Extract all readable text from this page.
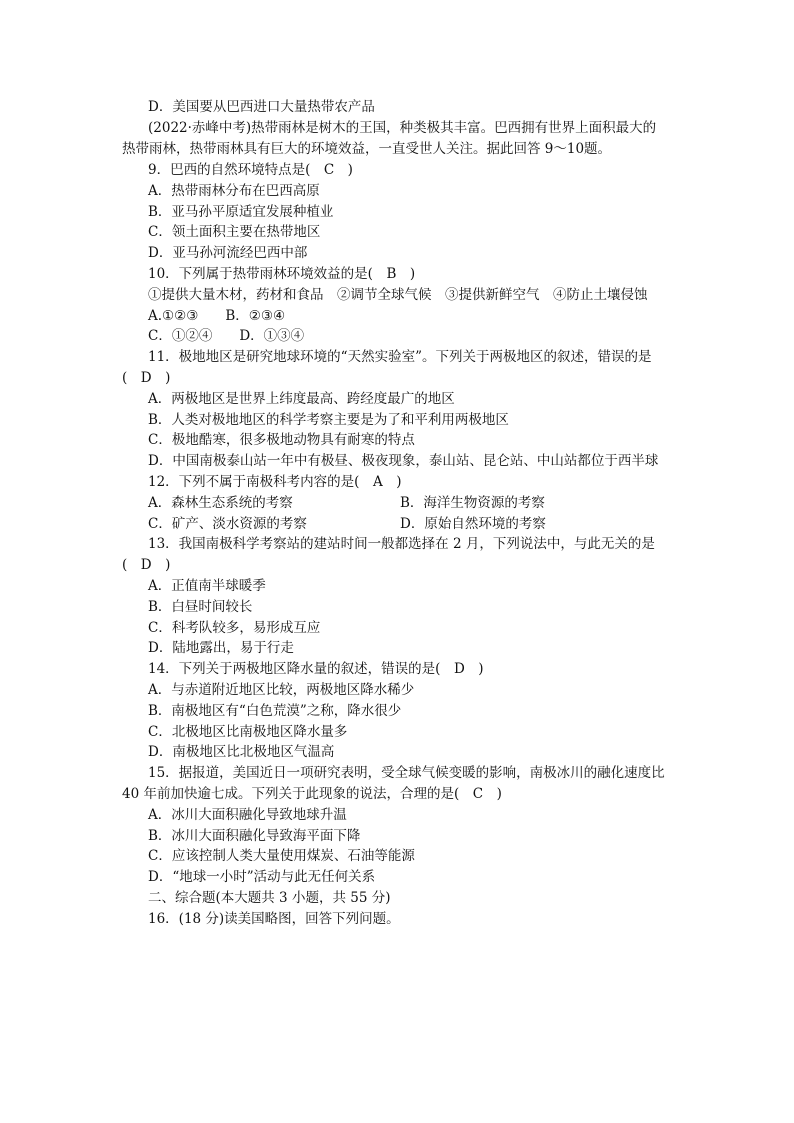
D．美国要从巴西进口大量热带农产品
(2022·赤峰中考)热带雨林是树木的王国，种类极其丰富。巴西拥有世界上面积最大的
热带雨林，热带雨林具有巨大的环境效益，一直受世人关注。据此回答 9～10题。
9．巴西的自然环境特点是(　C　)
A．热带雨林分布在巴西高原
B．亚马孙平原适宜发展种植业
C．领土面积主要在热带地区
D．亚马孙河流经巴西中部
10．下列属于热带雨林环境效益的是(　B　)
①提供大量木材，药材和食品　②调节全球气候　③提供新鲜空气　④防止土壤侵蚀
A.①②③　　B．②③④
C．①②④　　D．①③④
11．极地地区是研究地球环境的“天然实验室”。下列关于两极地区的叙述，错误的是
(　D　)
A．两极地区是世界上纬度最高、跨经度最广的地区
B．人类对极地地区的科学考察主要是为了和平利用两极地区
C．极地酷寒，很多极地动物具有耐寒的特点
D．中国南极泰山站一年中有极昼、极夜现象，泰山站、昆仑站、中山站都位于西半球
12．下列不属于南极科考内容的是(　A　)
A．森林生态系统的考察	B．海洋生物资源的考察
C．矿产、淡水资源的考察	D．原始自然环境的考察
13．我国南极科学考察站的建站时间一般都选择在 2 月，下列说法中，与此无关的是
(　D　)
A．正值南半球暖季
B．白昼时间较长
C．科考队较多，易形成互应
D．陆地露出，易于行走
14．下列关于两极地区降水量的叙述，错误的是(　D　)
A．与赤道附近地区比较，两极地区降水稀少
B．南极地区有“白色荒漠”之称，降水很少
C．北极地区比南极地区降水量多
D．南极地区比北极地区气温高
15．据报道，美国近日一项研究表明，受全球气候变暖的影响，南极冰川的融化速度比
40 年前加快逾七成。下列关于此现象的说法，合理的是(　C　)
A．冰川大面积融化导致地球升温
B．冰川大面积融化导致海平面下降
C．应该控制人类大量使用煤炭、石油等能源
D．“地球一小时”活动与此无任何关系
二、综合题(本大题共 3 小题，共 55 分)
16．(18 分)读美国略图，回答下列问题。
